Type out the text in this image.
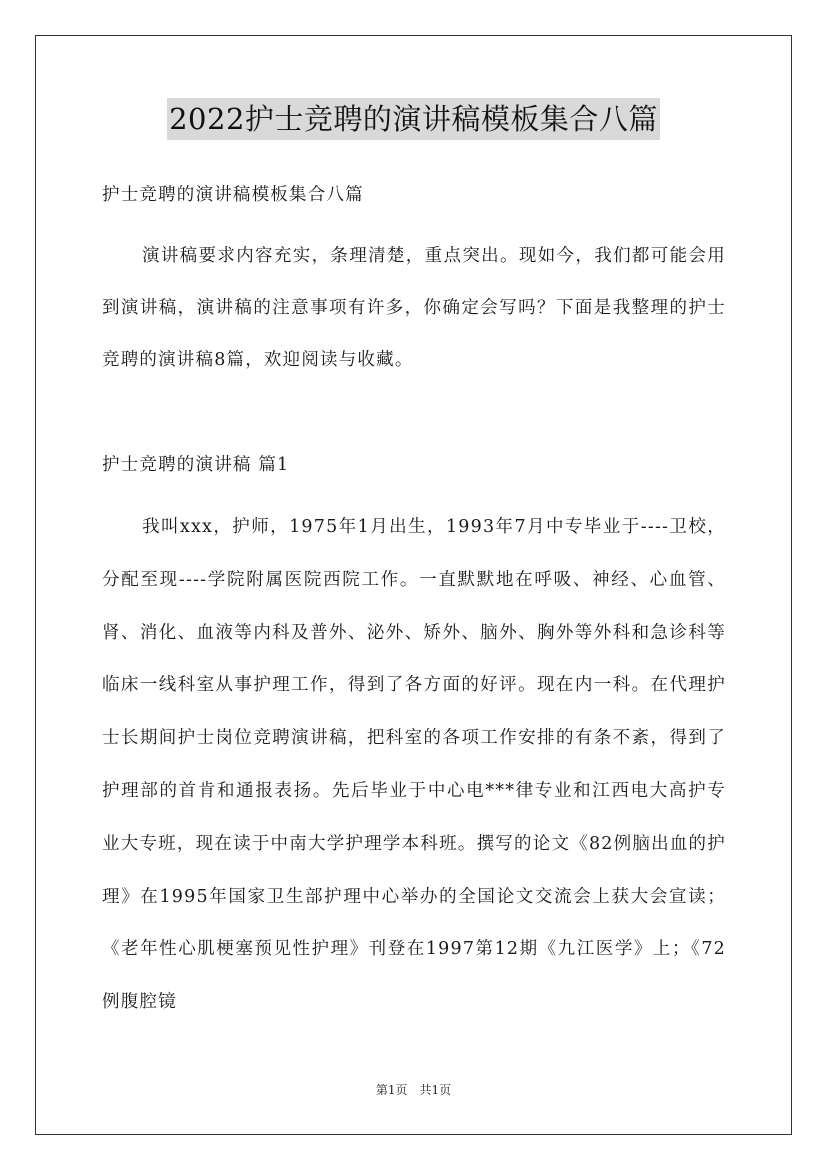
2022护士竞聘的演讲稿模板集合八篇
护士竞聘的演讲稿模板集合八篇
演讲稿要求内容充实，条理清楚，重点突出。现如今，我们都可能会用到演讲稿，演讲稿的注意事项有许多，你确定会写吗？下面是我整理的护士竞聘的演讲稿8篇，欢迎阅读与收藏。
护士竞聘的演讲稿 篇1
我叫xxx，护师，1975年1月出生，1993年7月中专毕业于----卫校，分配至现----学院附属医院西院工作。一直默默地在呼吸、神经、心血管、肾、消化、血液等内科及普外、泌外、矫外、脑外、胸外等外科和急诊科等临床一线科室从事护理工作，得到了各方面的好评。现在内一科。在代理护士长期间护士岗位竞聘演讲稿，把科室的各项工作安排的有条不紊，得到了护理部的首肯和通报表扬。先后毕业于中心电***律专业和江西电大高护专业大专班，现在读于中南大学护理学本科班。撰写的论文《82例脑出血的护理》在1995年国家卫生部护理中心举办的全国论文交流会上获大会宣读；《老年性心肌梗塞预见性护理》刊登在1997第12期《九江医学》上；《72例腹腔镜
第1页　共1页
